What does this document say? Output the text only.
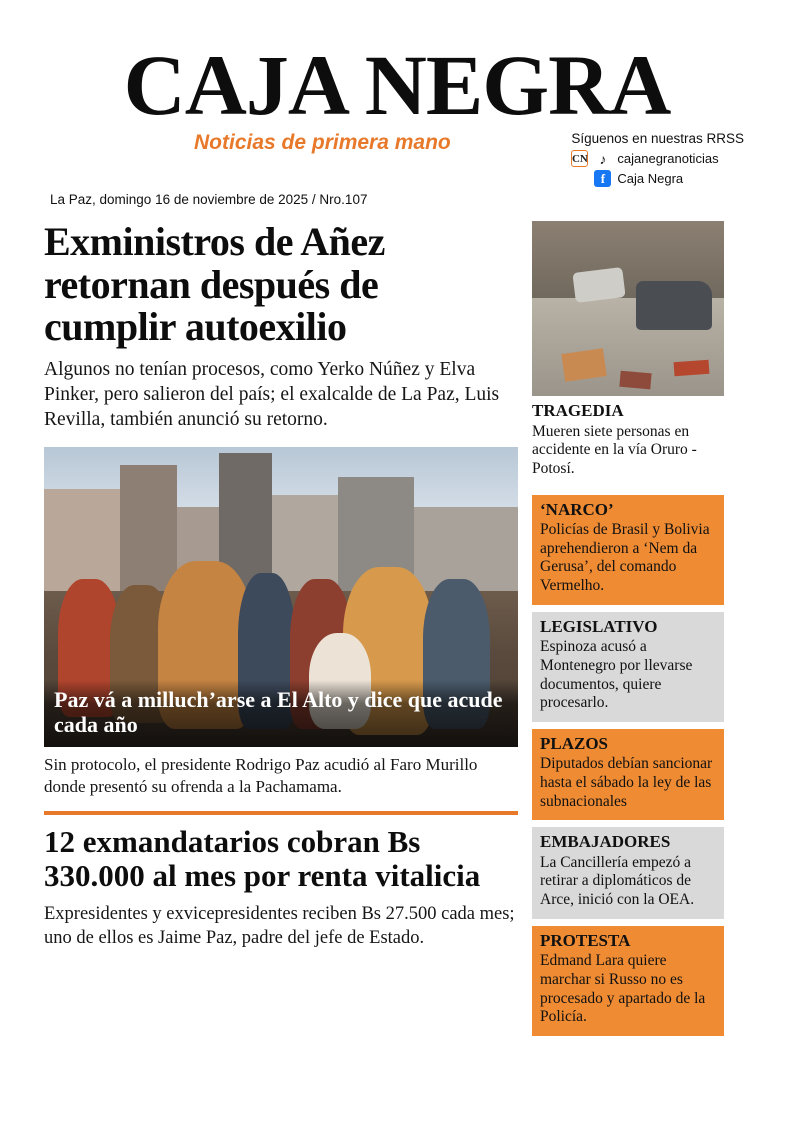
CAJA NEGRA
Noticias de primera mano	Síguenos en nuestras RRSS
CN ♪ cajanegranoticias
f Caja Negra
La Paz, domingo 16 de noviembre de 2025 / Nro.107
Exministros de Añez retornan después de cumplir autoexilio

Algunos no tenían procesos, como Yerko Núñez y Elva Pinker, pero salieron del país; el exalcalde de La Paz, Luis Revilla, también anunció su retorno.

Paz vá a milluch’arse a El Alto y dice que acude cada año

Sin protocolo, el presidente Rodrigo Paz acudió al Faro Murillo donde presentó su ofrenda a la Pachamama.

12 exmandatarios cobran Bs 330.000 al mes por renta vitalicia

Expresidentes y exvicepresidentes reciben Bs 27.500 cada mes; uno de ellos es Jaime Paz, padre del jefe de Estado.

TRAGEDIA

Mueren siete personas en accidente en la vía Oruro - Potosí.

‘NARCO’

Policías de Brasil y Bolivia aprehendieron a ‘Nem da Gerusa’, del comando Vermelho.

LEGISLATIVO

Espinoza acusó a Montenegro por llevarse documentos, quiere procesarlo.

PLAZOS

Diputados debían sancionar hasta el sábado la ley de las subnacionales

EMBAJADORES

La Cancillería empezó a retirar a diplomáticos de Arce, inició con la OEA.

PROTESTA

Edmand Lara quiere marchar si Russo no es procesado y apartado de la Policía.
